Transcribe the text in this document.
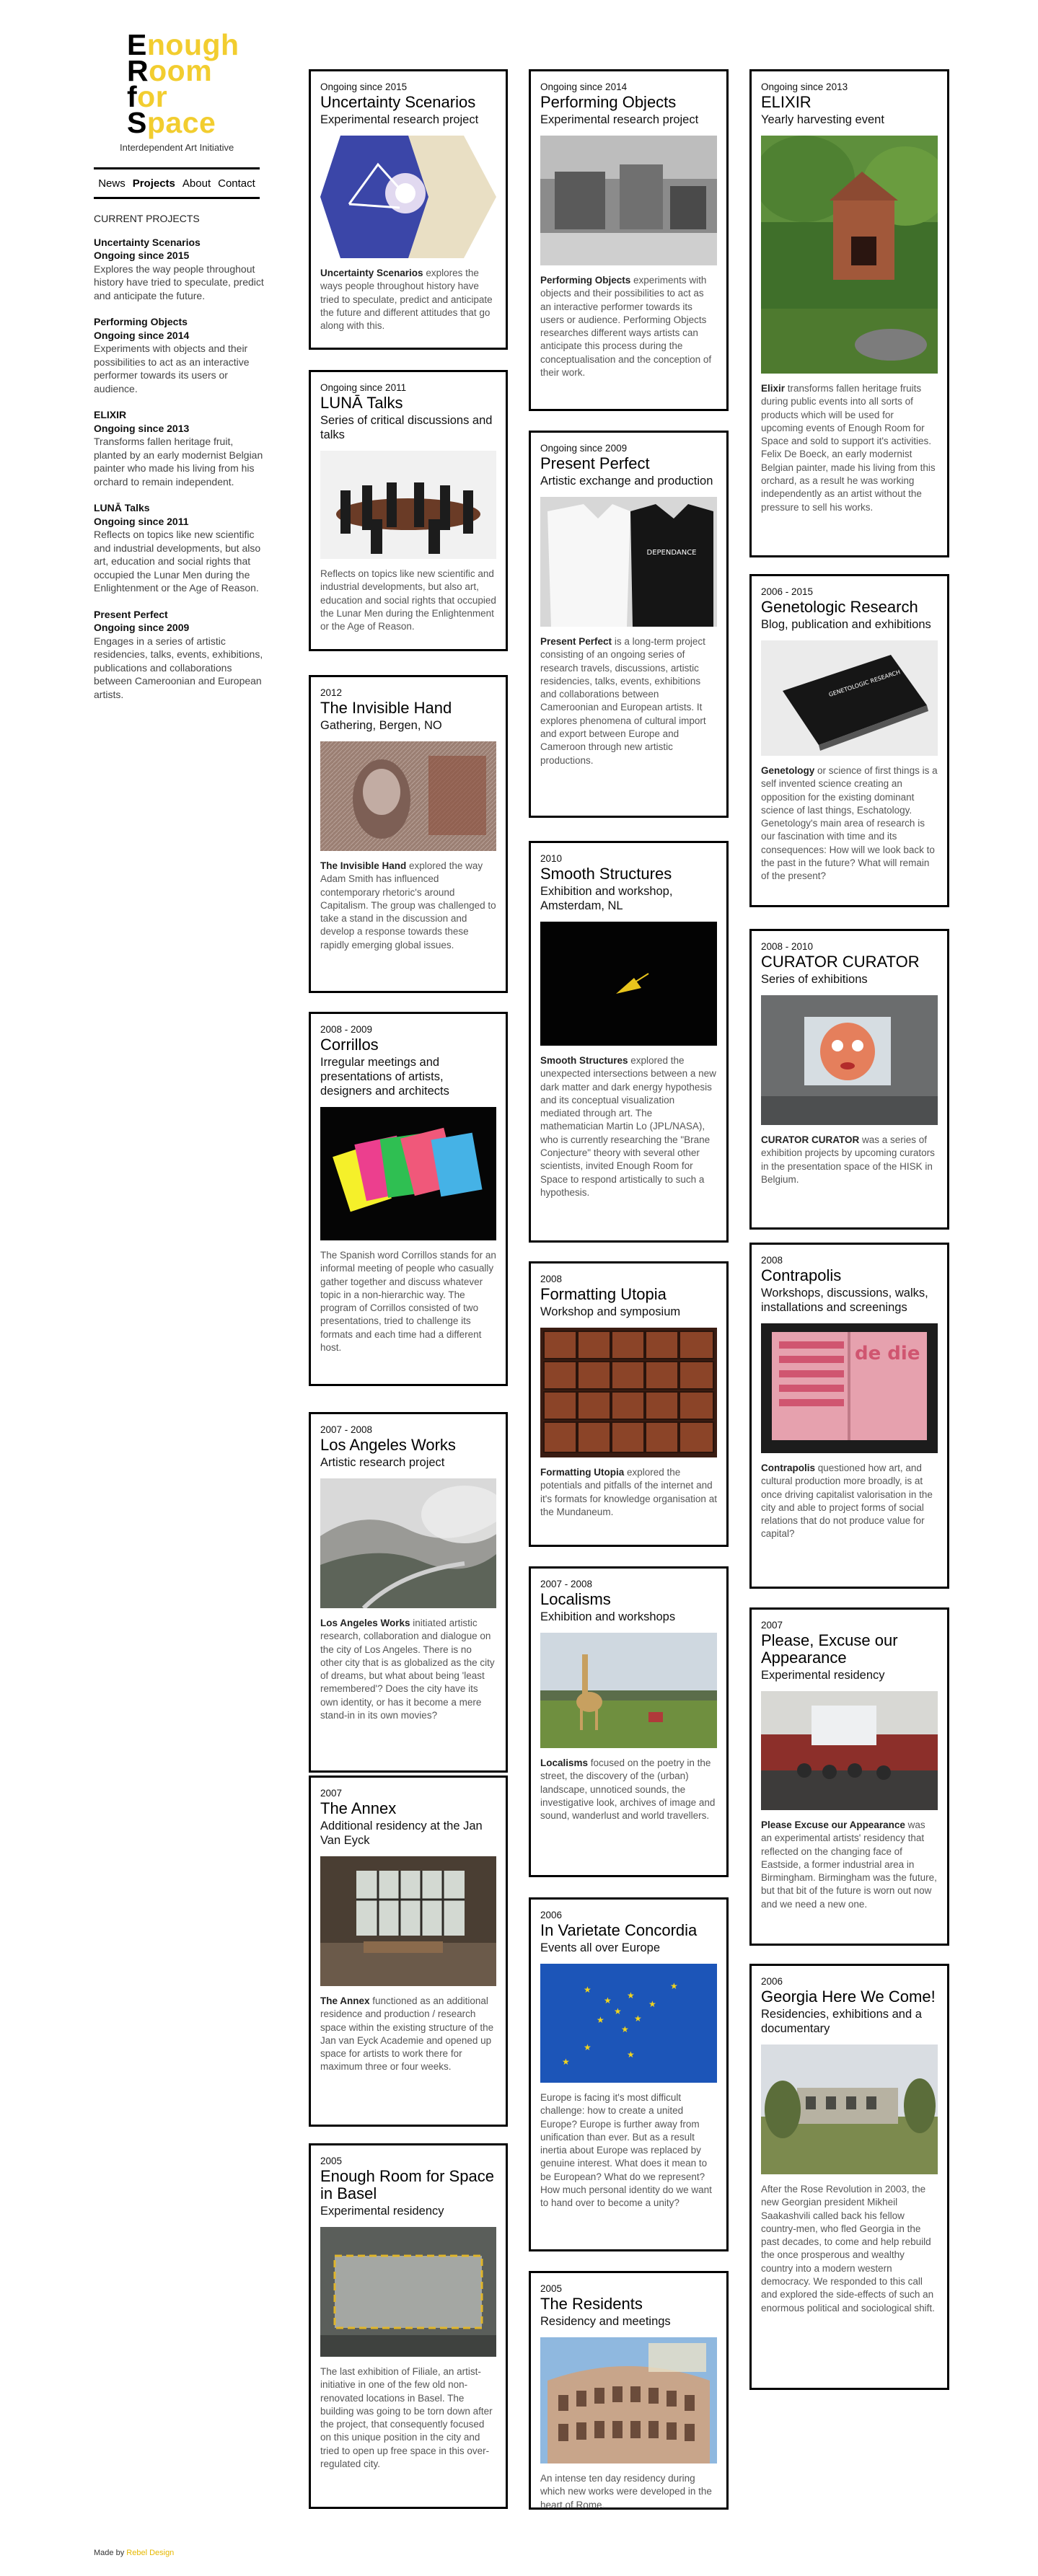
Enough
Room
for
Space
Interdependent Art Initiative
News Projects About Contact
CURRENT PROJECTS
Uncertainty Scenarios
Ongoing since 2015
Explores the way people throughout history have tried to speculate, predict and anticipate the future.
Performing Objects
Ongoing since 2014
Experiments with objects and their possibilities to act as an interactive performer towards its users or audience.
ELIXIR
Ongoing since 2013
Transforms fallen heritage fruit, planted by an early modernist Belgian painter who made his living from his orchard to remain independent.
LUNĀ Talks
Ongoing since 2011
Reflects on topics like new scientific and industrial developments, but also art, education and social rights that occupied the Lunar Men during the Enlightenment or the Age of Reason.
Present Perfect
Ongoing since 2009
Engages in a series of artistic residencies, talks, events, exhibitions, publications and collaborations between Cameroonian and European artists.
Ongoing since 2015
Uncertainty Scenarios
Experimental research project
Uncertainty Scenarios explores the ways people throughout history have tried to speculate, predict and anticipate the future and different attitudes that go along with this.
Ongoing since 2011
LUNĀ Talks
Series of critical discussions and talks
Reflects on topics like new scientific and industrial developments, but also art, education and social rights that occupied the Lunar Men during the Enlightenment or the Age of Reason.
2012
The Invisible Hand
Gathering, Bergen, NO
The Invisible Hand explored the way Adam Smith has influenced contemporary rhetoric's around Capitalism. The group was challenged to take a stand in the discussion and develop a response towards these rapidly emerging global issues.
2008 - 2009
Corrillos
Irregular meetings and presentations of artists, designers and architects
The Spanish word Corrillos stands for an informal meeting of people who casually gather together and discuss whatever topic in a non-hierarchic way. The program of Corrillos consisted of two presentations, tried to challenge its formats and each time had a different host.
2007 - 2008
Los Angeles Works
Artistic research project
Los Angeles Works initiated artistic research, collaboration and dialogue on the city of Los Angeles. There is no other city that is as globalized as the city of dreams, but what about being 'least remembered'? Does the city have its own identity, or has it become a mere stand-in in its own movies?
2007
The Annex
Additional residency at the Jan Van Eyck
The Annex functioned as an additional residence and production / research space within the existing structure of the Jan van Eyck Academie and opened up space for artists to work there for maximum three or four weeks.
2005
Enough Room for Space in Basel
Experimental residency
The last exhibition of Filiale, an artist-initiative in one of the few old non-renovated locations in Basel. The building was going to be torn down after the project, that consequently focused on this unique position in the city and tried to open up free space in this over-regulated city.
Ongoing since 2014
Performing Objects
Experimental research project
Performing Objects experiments with objects and their possibilities to act as an interactive performer towards its users or audience. Performing Objects researches different ways artists can anticipate this process during the conceptualisation and the conception of their work.
Ongoing since 2009
Present Perfect
Artistic exchange and production
DEPENDANCE
Present Perfect is a long-term project consisting of an ongoing series of research travels, discussions, artistic residencies, talks, events, exhibitions and collaborations between Cameroonian and European artists. It explores phenomena of cultural import and export between Europe and Cameroon through new artistic productions.
2010
Smooth Structures
Exhibition and workshop, Amsterdam, NL
Smooth Structures explored the unexpected intersections between a new dark matter and dark energy hypothesis and its conceptual visualization mediated through art. The mathematician Martin Lo (JPL/NASA), who is currently researching the "Brane Conjecture" theory with several other scientists, invited Enough Room for Space to respond artistically to such a hypothesis.
2008
Formatting Utopia
Workshop and symposium
Formatting Utopia explored the potentials and pitfalls of the internet and it's formats for knowledge organisation at the Mundaneum.
2007 - 2008
Localisms
Exhibition and workshops
Localisms focused on the poetry in the street, the discovery of the (urban) landscape, unnoticed sounds, the investigative look, archives of image and sound, wanderlust and world travellers.
2006
In Varietate Concordia
Events all over Europe
★
★ ★
★
★	★
★
★
★
★
★
★
Europe is facing it's most difficult challenge: how to create a united Europe? Europe is further away from unification than ever. But as a result inertia about Europe was replaced by genuine interest. What does it mean to be European? What do we represent? How much personal identity do we want to hand over to become a unity?
2005
The Residents
Residency and meetings
An intense ten day residency during which new works were developed in the heart of Rome.
Ongoing since 2013
ELIXIR
Yearly harvesting event
Elixir transforms fallen heritage fruits during public events into all sorts of products which will be used for upcoming events of Enough Room for Space and sold to support it's activities. Felix De Boeck, an early modernist Belgian painter, made his living from this orchard, as a result he was working independently as an artist without the pressure to sell his works.
2006 - 2015
Genetologic Research
Blog, publication and exhibitions
GENETOLOGIC RESEARCH
Genetology or science of first things is a self invented science creating an opposition for the existing dominant science of last things, Eschatology. Genetology's main area of research is our fascination with time and its consequences: How will we look back to the past in the future? What will remain of the present?
2008 - 2010
CURATOR CURATOR
Series of exhibitions
CURATOR CURATOR was a series of exhibition projects by upcoming curators in the presentation space of the HISK in Belgium.
2008
Contrapolis
Workshops, discussions, walks, installations and screenings
de die
Contrapolis questioned how art, and cultural production more broadly, is at once driving capitalist valorisation in the city and able to project forms of social relations that do not produce value for capital?
2007
Please, Excuse our Appearance
Experimental residency
Please Excuse our Appearance was an experimental artists' residency that reflected on the changing face of Eastside, a former industrial area in Birmingham. Birmingham was the future, but that bit of the future is worn out now and we need a new one.
2006
Georgia Here We Come!
Residencies, exhibitions and a documentary
After the Rose Revolution in 2003, the new Georgian president Mikheil Saakashvili called back his fellow country-men, who fled Georgia in the past decades, to come and help rebuild the once prosperous and wealthy country into a modern western democracy. We responded to this call and explored the side-effects of such an enormous political and sociological shift.
Made by Rebel Design
